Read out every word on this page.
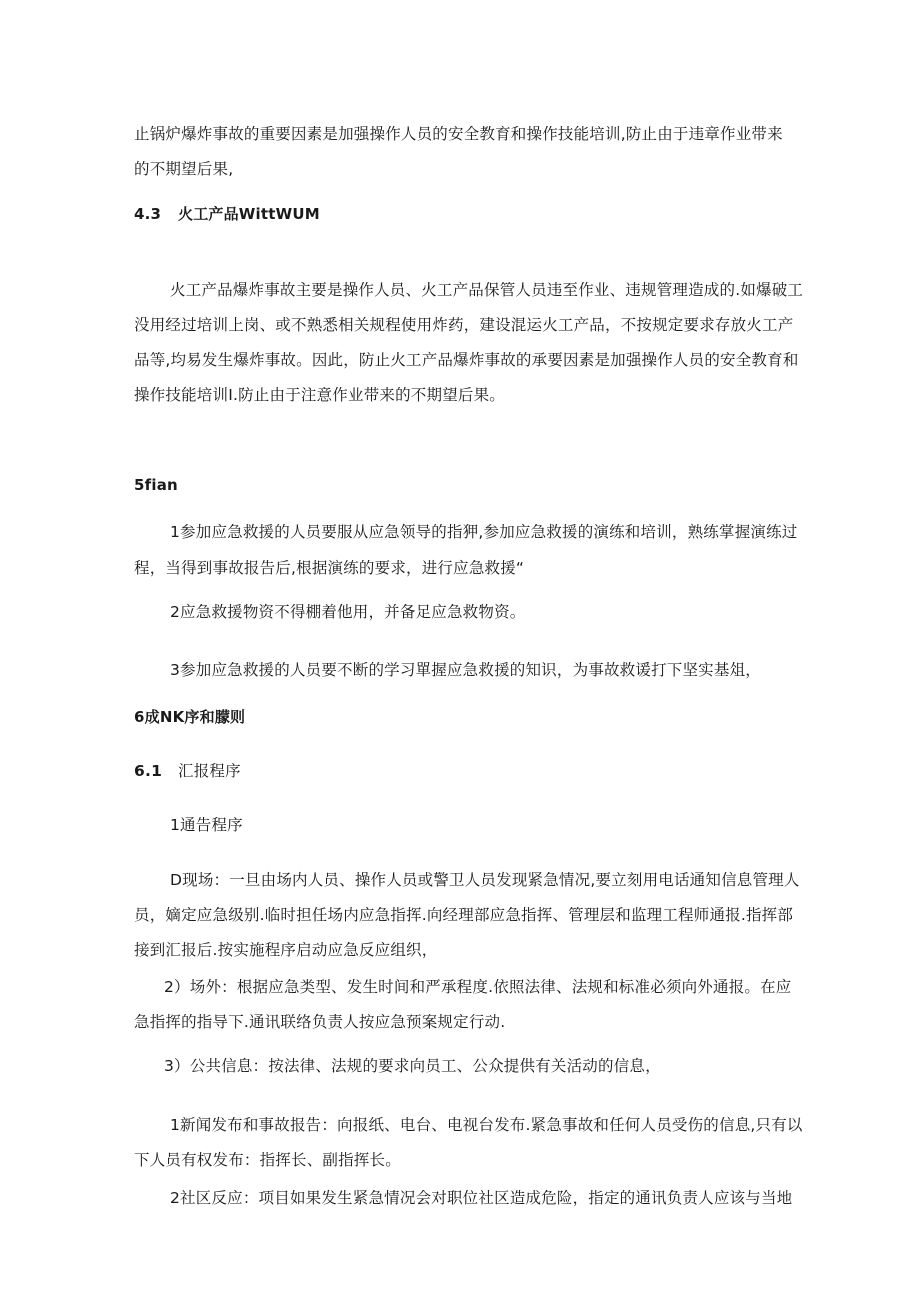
止锅炉爆炸事故的重要因素是加强操作人员的安全教育和操作技能培训,防止由于违章作业带来
的不期望后果,
4.3 火工产品WittWUM
火工产品爆炸事故主要是操作人员、火工产品保管人员违至作业、违规管理造成的.如爆破工
没用经过培训上岗、或不熟悉相关规程使用炸药，建设混运火工产品，不按规定要求存放火工产
品等,均易发生爆炸事故。因此，防止火工产品爆炸事故的承要因素是加强操作人员的安全教育和
操作技能培训I.防止由于注意作业带来的不期望后果。
5fian
1参加应急救援的人员要服从应急领导的指狎,参加应急救援的演练和培训，熟练掌握演练过
程，当得到事故报告后,根据演练的要求，进行应急救援“
2应急救援物资不得棚着他用，并备足应急救物资。
3参加应急救援的人员要不断的学习單握应急救援的知识，为事故救谖打下坚实基俎，
6成NK序和朦则
6.1 汇报程序
1通告程序
D现场：一旦由场内人员、操作人员或警卫人员发现紧急情况,要立刻用电话通知信息管理人
员，嫡定应急级别.临时担任场内应急指挥.向经理部应急指挥、管理层和监理工程师通报.指挥部
接到汇报后.按实施程序启动应急反应组织，
2）场外：根据应急类型、发生时间和严承程度.依照法律、法规和标准必须向外通报。在应
急指挥的指导下.通讯联络负责人按应急预案规定行动.
3）公共信息：按法律、法规的要求向员工、公众提供有关活动的信息，
1新闻发布和事故报告：向报纸、电台、电视台发布.紧急事故和任何人员受伤的信息,只有以
下人员有权发布：指挥长、副指挥长。
2社区反应：项目如果发生紧急情况会对职位社区造成危险，指定的通讯负责人应该与当地
